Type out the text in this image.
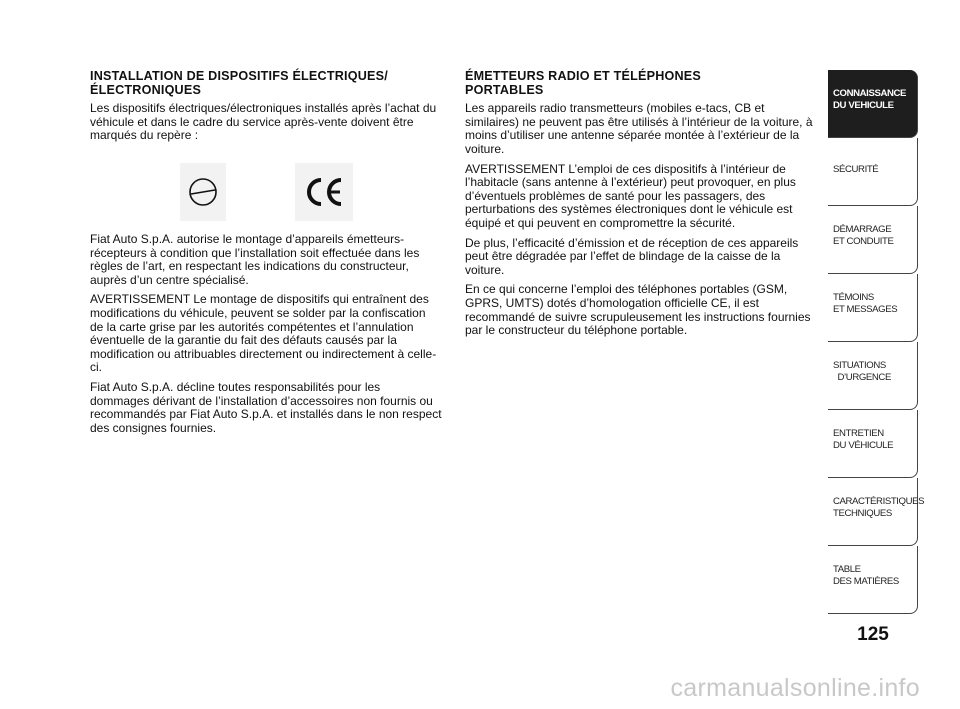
INSTALLATION DE DISPOSITIFS ÉLECTRIQUES/
ÉLECTRONIQUES

Les dispositifs électriques/électroniques installés après l’achat du véhicule et dans le cadre du service après-vente doivent être marqués du repère :

Fiat Auto S.p.A. autorise le montage d’appareils émetteurs-récepteurs à condition que l’installation soit effectuée dans les règles de l’art, en respectant les indications du constructeur, auprès d’un centre spécialisé.

AVERTISSEMENT Le montage de dispositifs qui entraînent des modifications du véhicule, peuvent se solder par la confiscation de la carte grise par les autorités compétentes et l’annulation éventuelle de la garantie du fait des défauts causés par la modification ou attribuables directement ou indirectement à celle-ci.

Fiat Auto S.p.A. décline toutes responsabilités pour les dommages dérivant de l’installation d’accessoires non fournis ou recommandés par Fiat Auto S.p.A. et installés dans le non respect des consignes fournies.

ÉMETTEURS RADIO ET TÉLÉPHONES
PORTABLES

Les appareils radio transmetteurs (mobiles e-tacs, CB et similaires) ne peuvent pas être utilisés à l’intérieur de la voiture, à moins d’utiliser une antenne séparée montée à l’extérieur de la voiture.

AVERTISSEMENT L’emploi de ces dispositifs à l’intérieur de l’habitacle (sans antenne à l’extérieur) peut provoquer, en plus d’éventuels problèmes de santé pour les passagers, des perturbations des systèmes électroniques dont le véhicule est équipé et qui peuvent en compromettre la sécurité.

De plus, l’efficacité d’émission et de réception de ces appareils peut être dégradée par l’effet de blindage de la caisse de la voiture.

En ce qui concerne l’emploi des téléphones portables (GSM, GPRS, UMTS) dotés d’homologation officielle CE, il est recommandé de suivre scrupuleusement les instructions fournies par le constructeur du téléphone portable.

CONNAISSANCE
DU VEHICULE
SÉCURITÉ
DÉMARRAGE
ET CONDUITE
TÉMOINS
ET MESSAGES
SITUATIONS
D’URGENCE
ENTRETIEN
DU VÉHICULE
CARACTÉRISTIQUES
TECHNIQUES
TABLE
DES MATIÈRES
125
carmanualsonline.info
